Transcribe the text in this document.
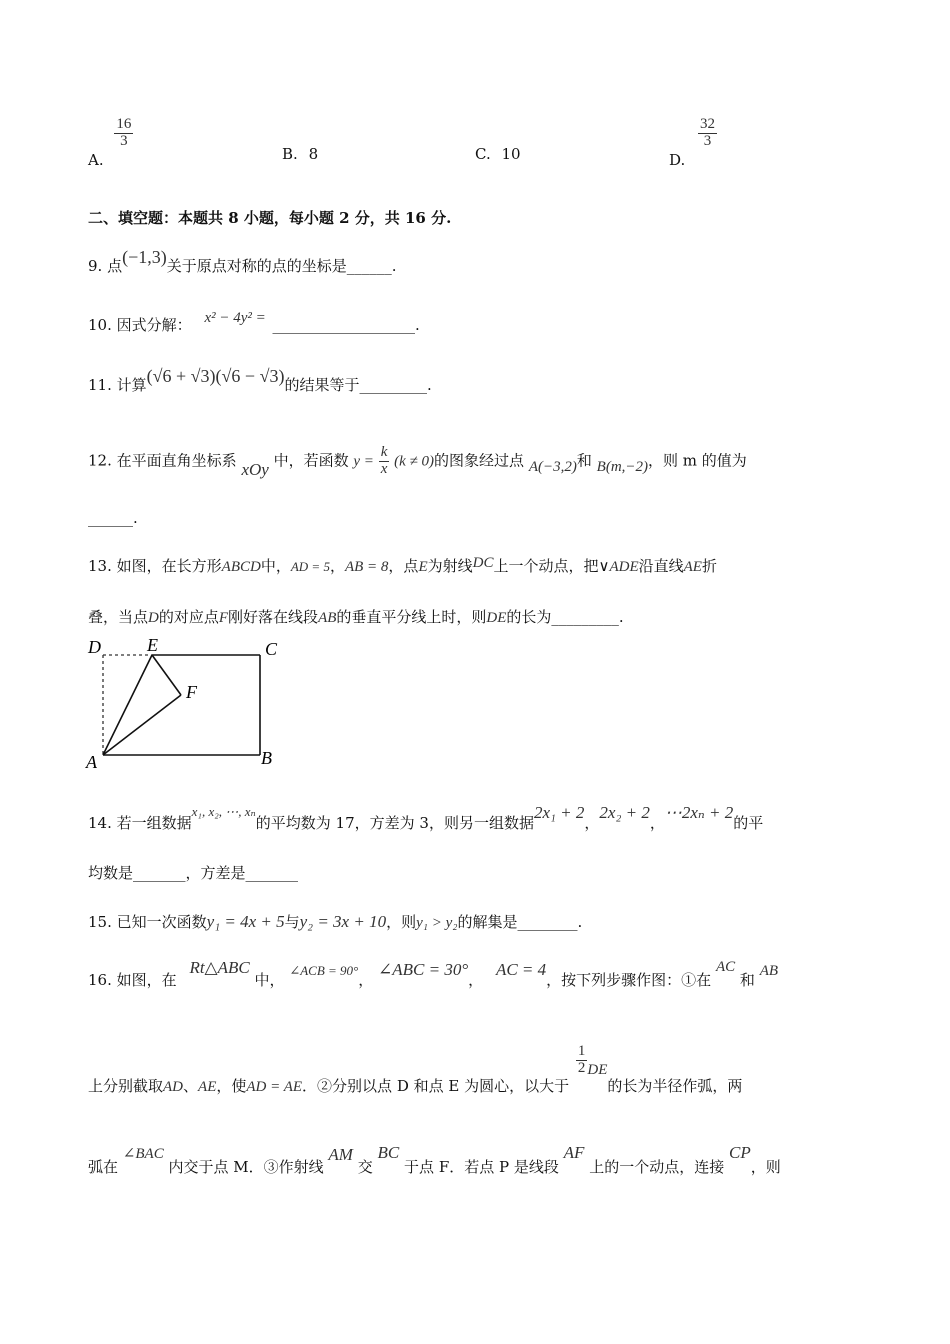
A.
$\frac{16}{3}$
B. 8	C. 10	D.
$\frac{32}{3}$
二、填空题：本题共 8 小题，每小题 2 分，共 16 分.
9. 点(−1,3)关于原点对称的点的坐标是______.
10. 因式分解： x² − 4y² = ___________________.
11. 计算(√6 + √3)(√6 − √3)的结果等于_________.
12. 在平面直角坐标系 xOy 中，若函数 $y = \frac{k}{x} (k \ne 0)$的图象经过点 A(−3,2)和 B(m,−2)，则 m 的值为
______.
13. 如图，在长方形ABCD中，AD = 5，AB = 8，点E为射线DC上一个动点，把∨ADE沿直线AE折
叠，当点D的对应点F刚好落在线段AB的垂直平分线上时，则DE的长为_________.
D	E	C
F
A	B
14. 若一组数据x₁, x₂, ⋯, xₙ的平均数为 17，方差为 3，则另一组数据2x₁ + 2，2x₂ + 2，⋯2xₙ + 2的平
均数是_______，方差是_______
15. 已知一次函数y₁ = 4x + 5与y₂ = 3x + 10，则y₁ > y₂的解集是________.
16. 如图，在 Rt△ABC 中， ∠ACB = 90°， ∠ABC = 30°， AC = 4，按下列步骤作图：①在 AC 和 AB
上分别截取AD、AE，使AD = AE．②分别以点 D 和点 E 为圆心，以大于
$\frac{1}{2}$ DE的长为半径作弧，两
弧在 ∠BAC 内交于点 M．③作射线 AM 交 BC 于点 F．若点 P 是线段 AF 上的一个动点，连接 CP，则
